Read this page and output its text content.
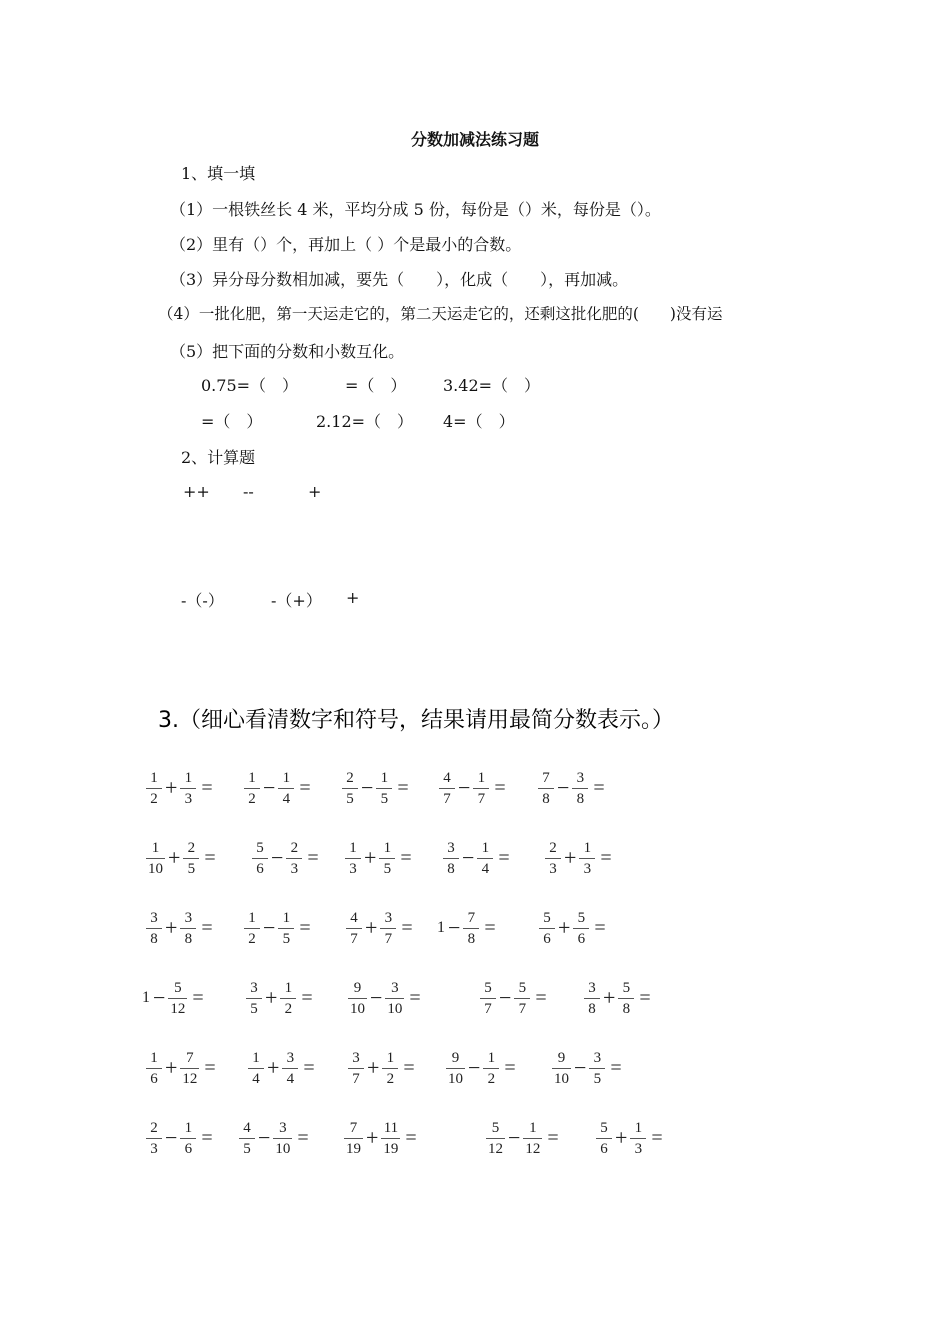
分数加减法练习题
1、填一填
（1）一根铁丝长 4 米，平均分成 5 份，每份是（）米，每份是（）。
（2）里有（）个，再加上（ ）个是最小的合数。
（3）异分母分数相加减，要先（　　），化成（　　），再加减。
（4）一批化肥，第一天运走它的，第二天运走它的，还剩这批化肥的(　　)没有运
（5）把下面的分数和小数互化。
0.75=（　）	=（　） 3.42=（　）
=（　）	2.12=（　） 4=（　）
2、计算题
++ --	+
-（-）	-（+） +
3.（细心看清数字和符号，结果请用最简分数表示。）
$\frac{1}{2} + \frac{1}{3} = \frac{1}{2} - \frac{1}{4} = \frac{2}{5} - \frac{1}{5} = \frac{4}{7} - \frac{1}{7} = \frac{7}{8} - \frac{3}{8}$ =
$\frac{1}{10} + \frac{2}{5} = \frac{5}{6} - \frac{2}{3} = \frac{1}{3} + \frac{1}{5} = \frac{3}{8} - \frac{1}{4} = \frac{2}{3} + \frac{1}{3}$ =
$\frac{3}{8} + \frac{3}{8} = \frac{1}{2} - \frac{1}{5} = \frac{4}{7} + \frac{3}{7} = 1 - \frac{7}{8}$ =	$\frac{5}{6} + \frac{5}{6}$ =
$1 - \frac{5}{12}$ =	$\frac{3}{5} + \frac{1}{2} = \frac{9}{10} - \frac{3}{10}$ =	$\frac{5}{7} - \frac{5}{7} = \frac{3}{8} + \frac{5}{8}$ =
$\frac{1}{6} + \frac{7}{12} = \frac{1}{4} + \frac{3}{4} = \frac{3}{7} + \frac{1}{2} = \frac{9}{10} - \frac{1}{2} = \frac{9}{10} - \frac{3}{5}$ =
$\frac{2}{3} - \frac{1}{6} = \frac{4}{5} - \frac{3}{10} = \frac{7}{19} + \frac{11}{19}$ =	$\frac{5}{12} - \frac{1}{12} = \frac{5}{6} + \frac{1}{3}$ =
